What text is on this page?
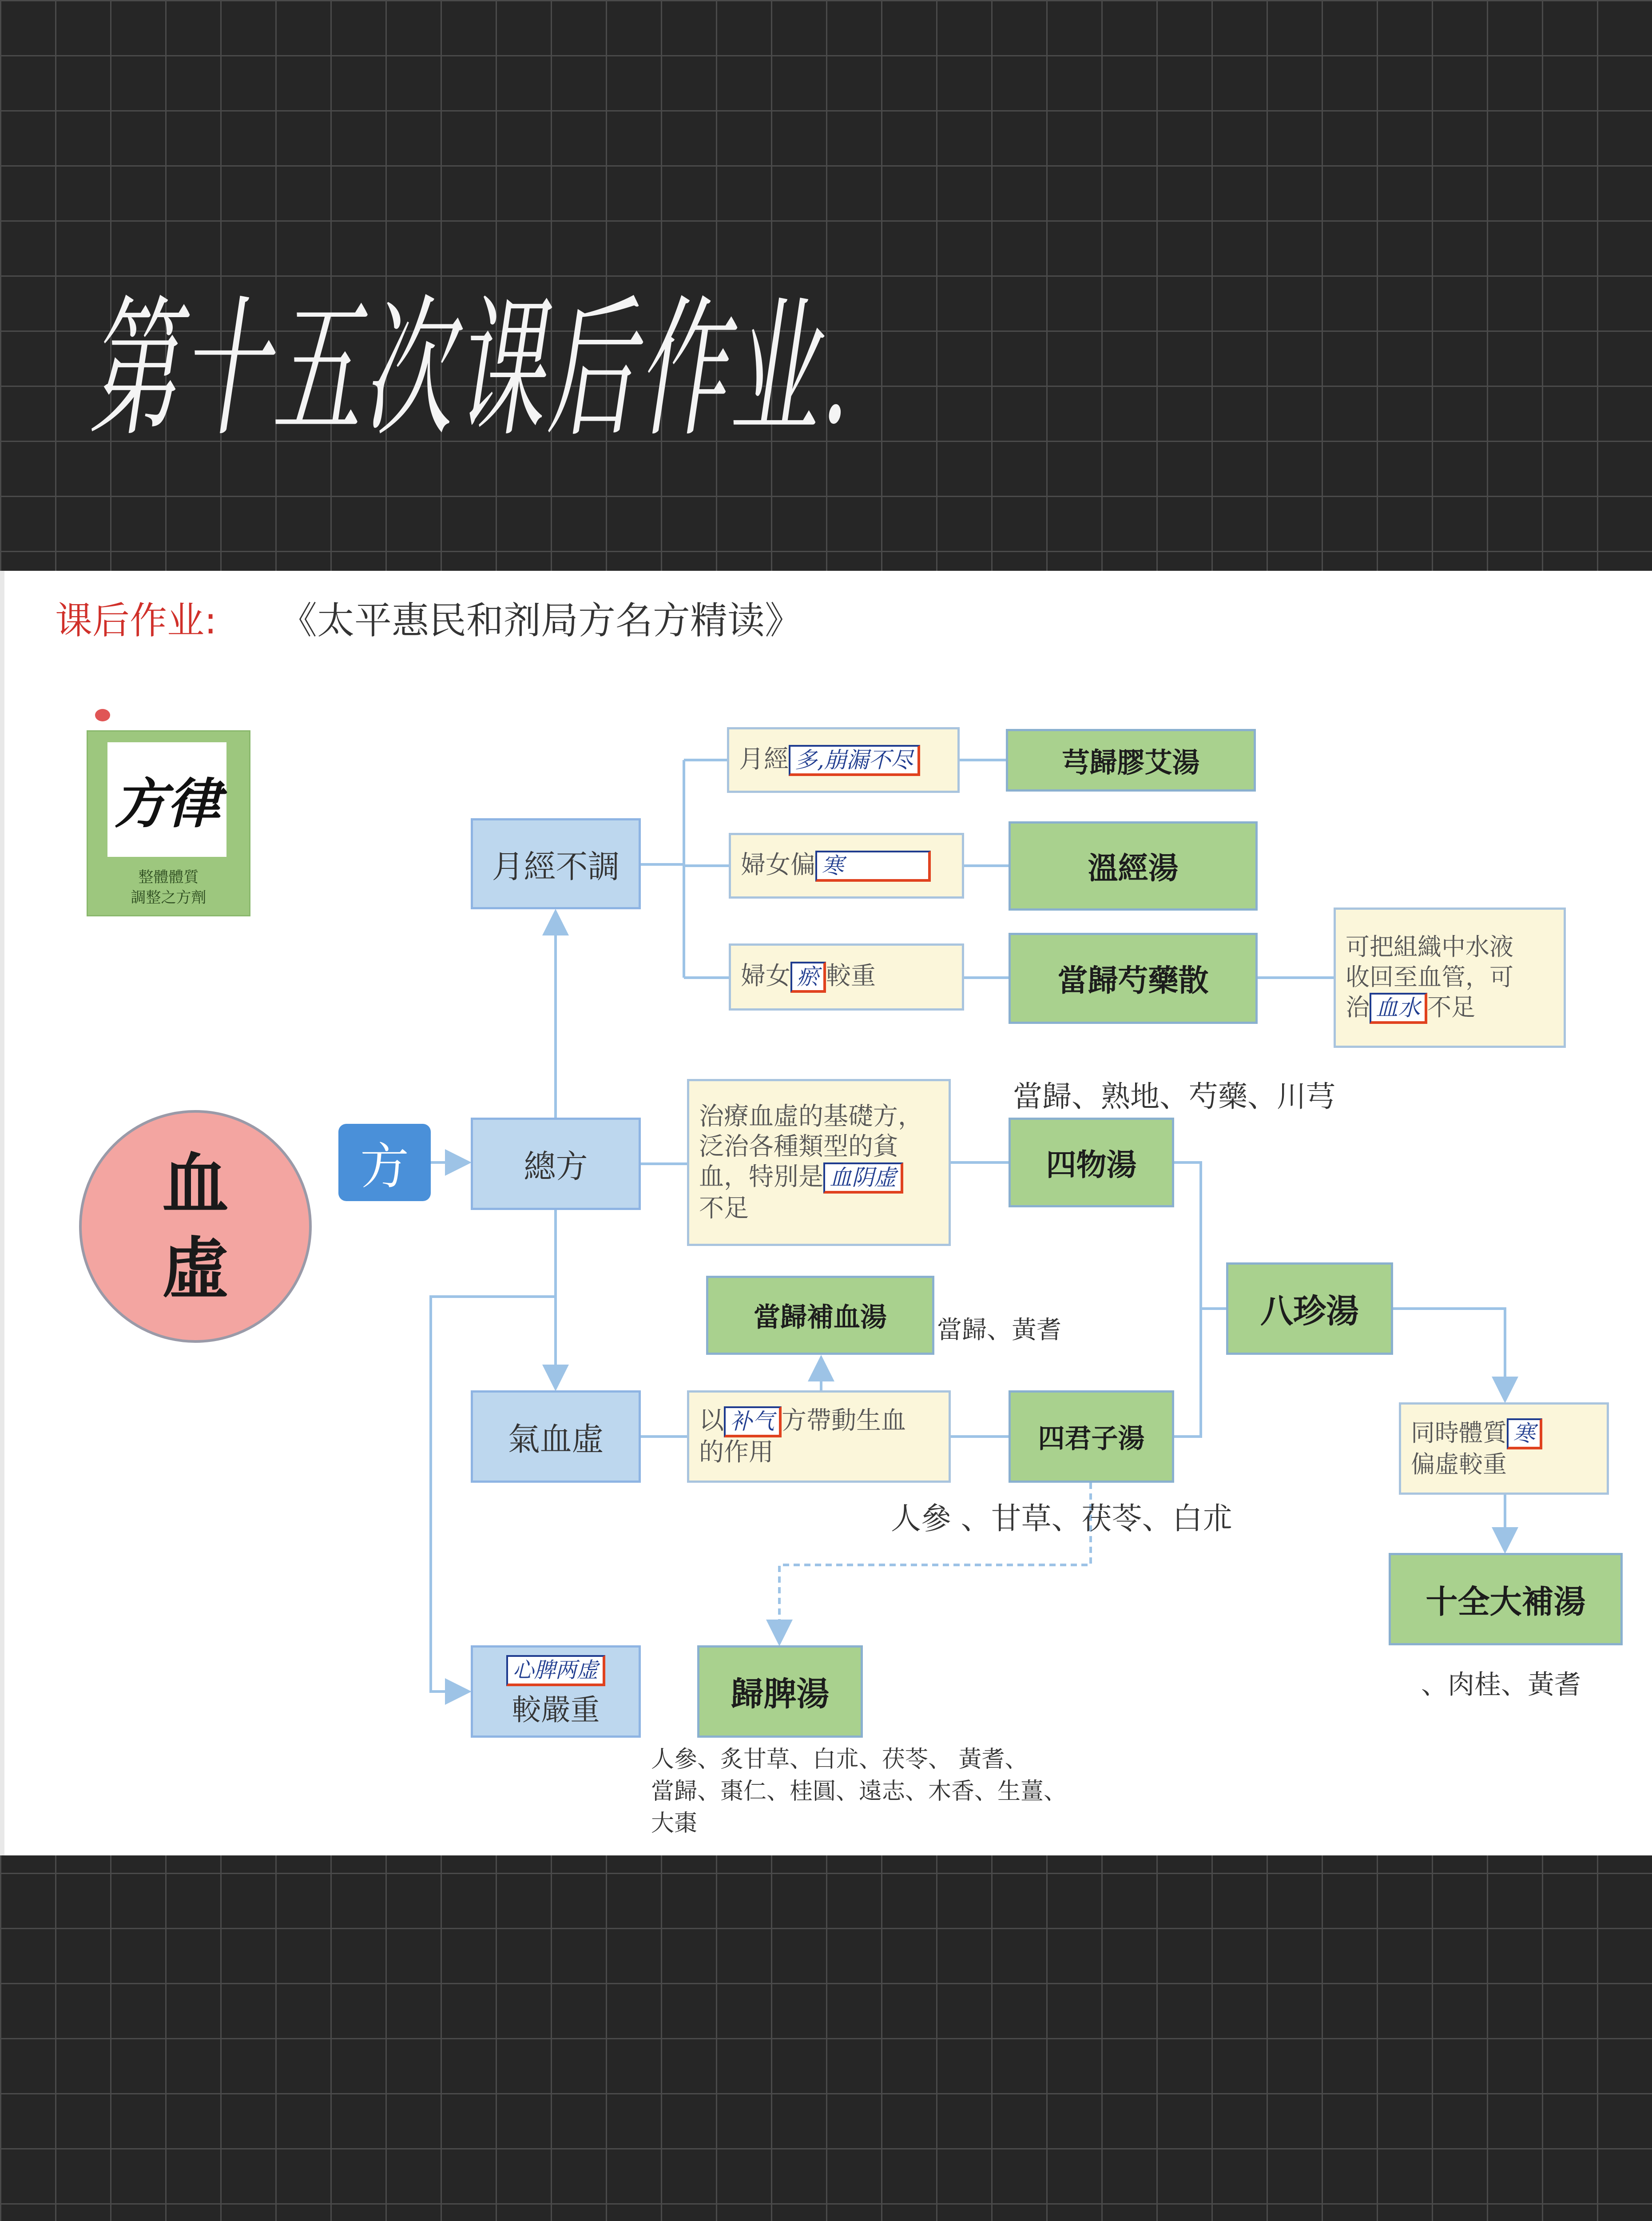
第十五次课后作业.
课后作业: 《太平惠民和剂局方名方精读》
方律
整體體質
調整之方劑
血
虛
方
月經不調
總方
氣血虛
心脾两虚
較嚴重
月經 多,崩漏不尽
婦女偏 寒
婦女 瘀 較重
治療血虛的基礎方，
泛治各種類型的貧
血，特別是 血阴虚
不足
以 补气 方帶動生血
的作用
可把組織中水液
收回至血管，可
治 血水 不足
同時體質 寒
偏虛較重
芎歸膠艾湯
溫經湯
當歸芍藥散
四物湯
當歸補血湯
四君子湯
八珍湯
十全大補湯
歸脾湯
當歸、熟地、芍藥、川芎
當歸、黃耆
人參 、甘草、茯苓、白朮
、肉桂、黃耆
人參、炙甘草、白朮、茯苓、 黃耆、
當歸、棗仁、桂圓、遠志、木香、生薑、
大棗
